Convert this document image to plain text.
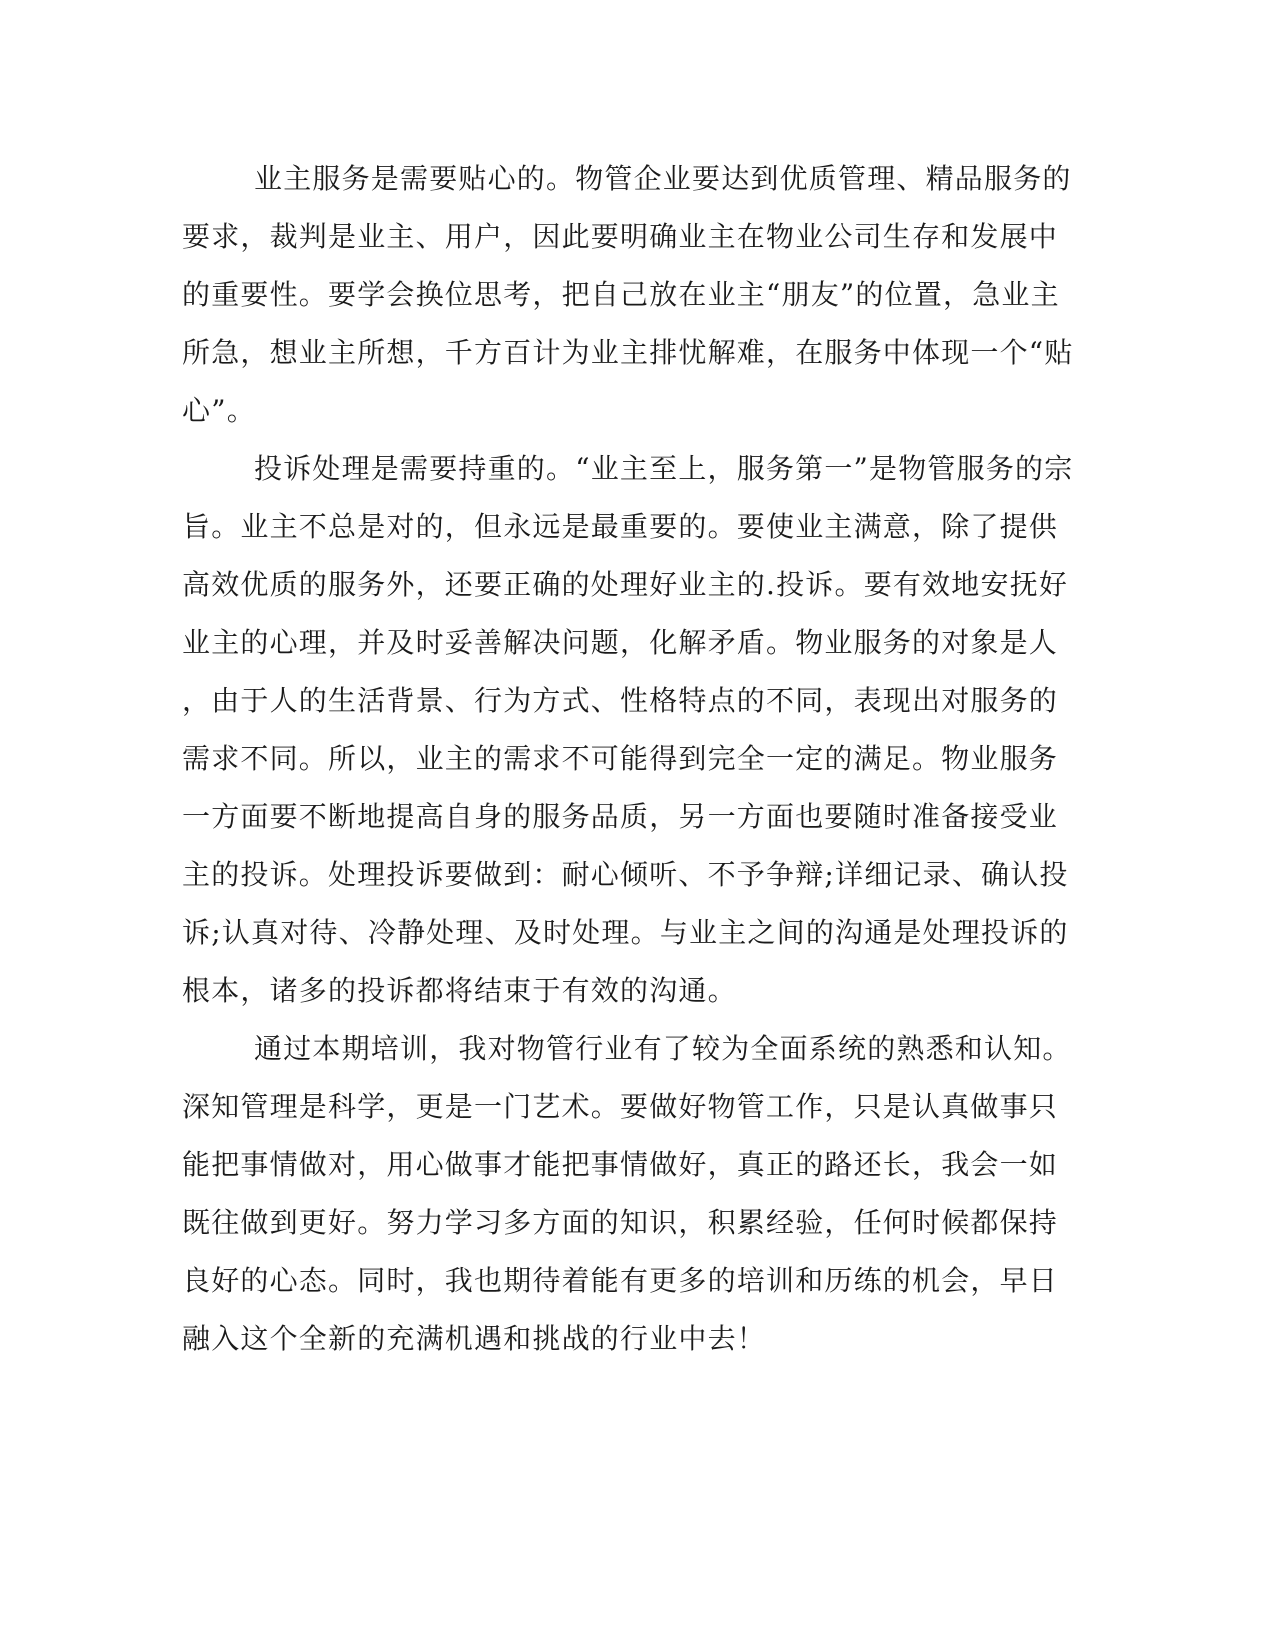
业主服务是需要贴心的。物管企业要达到优质管理、精品服务的
要求，裁判是业主、用户，因此要明确业主在物业公司生存和发展中
的重要性。要学会换位思考，把自己放在业主“朋友”的位置，急业主
所急，想业主所想，千方百计为业主排忧解难，在服务中体现一个“贴
心”。
投诉处理是需要持重的。“业主至上，服务第一”是物管服务的宗
旨。业主不总是对的，但永远是最重要的。要使业主满意，除了提供
高效优质的服务外，还要正确的处理好业主的.投诉。要有效地安抚好
业主的心理，并及时妥善解决问题，化解矛盾。物业服务的对象是人
，由于人的生活背景、行为方式、性格特点的不同，表现出对服务的
需求不同。所以，业主的需求不可能得到完全一定的满足。物业服务
一方面要不断地提高自身的服务品质，另一方面也要随时准备接受业
主的投诉。处理投诉要做到：耐心倾听、不予争辩;详细记录、确认投
诉;认真对待、冷静处理、及时处理。与业主之间的沟通是处理投诉的
根本，诸多的投诉都将结束于有效的沟通。
通过本期培训，我对物管行业有了较为全面系统的熟悉和认知。
深知管理是科学，更是一门艺术。要做好物管工作，只是认真做事只
能把事情做对，用心做事才能把事情做好，真正的路还长，我会一如
既往做到更好。努力学习多方面的知识，积累经验，任何时候都保持
良好的心态。同时，我也期待着能有更多的培训和历练的机会，早日
融入这个全新的充满机遇和挑战的行业中去！
